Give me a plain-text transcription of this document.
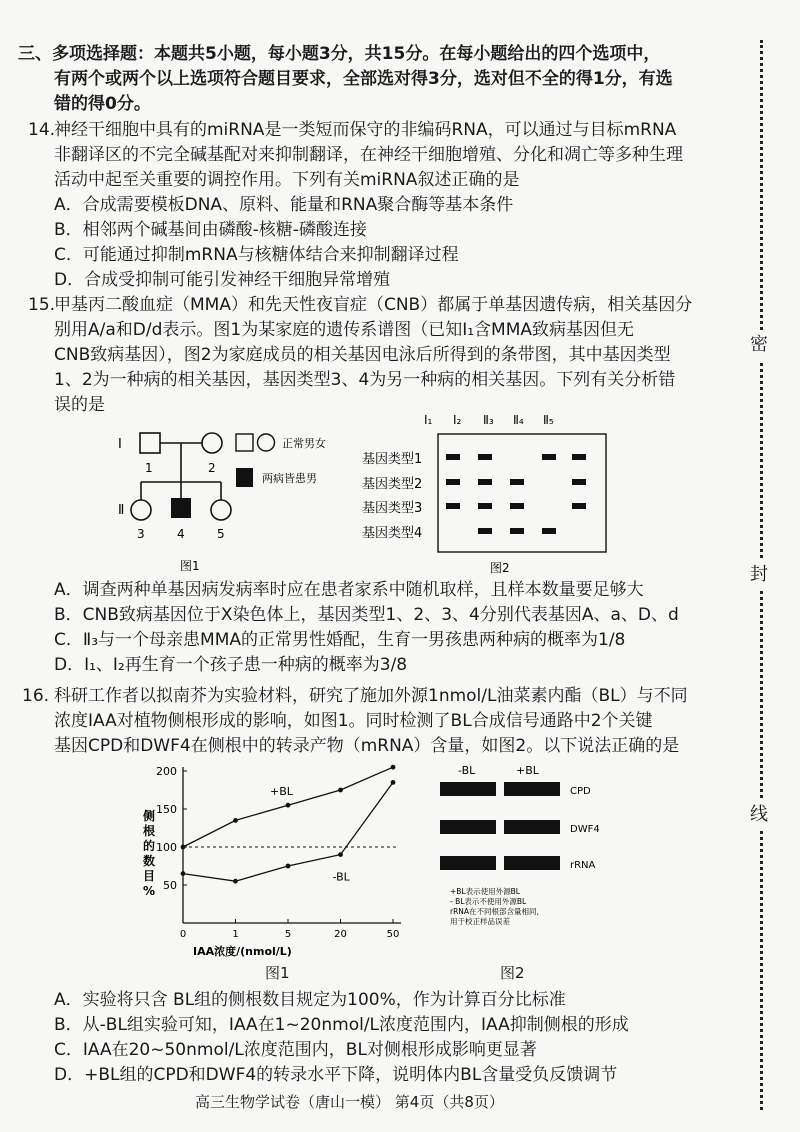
密
封
线
三、多项选择题：本题共5小题，每小题3分，共15分。在每小题给出的四个选项中，
有两个或两个以上选项符合题目要求，全部选对得3分，选对但不全的得1分，有选
错的得0分。
14.
神经干细胞中具有的miRNA是一类短而保守的非编码RNA，可以通过与目标mRNA
非翻译区的不完全碱基配对来抑制翻译，在神经干细胞增殖、分化和凋亡等多种生理
活动中起至关重要的调控作用。下列有关miRNA叙述正确的是
A．合成需要模板DNA、原料、能量和RNA聚合酶等基本条件
B．相邻两个碱基间由磷酸-核糖-磷酸连接
C．可能通过抑制mRNA与核糖体结合来抑制翻译过程
D．合成受抑制可能引发神经干细胞异常增殖
15.
甲基丙二酸血症（MMA）和先天性夜盲症（CNB）都属于单基因遗传病，相关基因分
别用A/a和D/d表示。图1为某家庭的遗传系谱图（已知Ⅰ₁含MMA致病基因但无
CNB致病基因），图2为家庭成员的相关基因电泳后所得到的条带图，其中基因类型
1、2为一种病的相关基因，基因类型3、4为另一种病的相关基因。下列有关分析错
误的是
Ⅰ
Ⅱ
1	2
3	4	5
正常男女
两病皆患男
图1
Ⅰ₁ Ⅰ₂ Ⅱ₃ Ⅱ₄ Ⅱ₅
基因类型1
基因类型2
基因类型3
基因类型4
图2
A．调查两种单基因病发病率时应在患者家系中随机取样，且样本数量要足够大
B．CNB致病基因位于X染色体上，基因类型1、2、3、4分别代表基因A、a、D、d
C．Ⅱ₃与一个母亲患MMA的正常男性婚配，生育一男孩患两种病的概率为1/8
D．Ⅰ₁、Ⅰ₂再生育一个孩子患一种病的概率为3/8
16. 科研工作者以拟南芥为实验材料，研究了施加外源1nmol/L油菜素内酯（BL）与不同
浓度IAA对植物侧根形成的影响，如图1。同时检测了BL合成信号通路中2个关键
基因CPD和DWF4在侧根中的转录产物（mRNA）含量，如图2。以下说法正确的是
50
100
150
200
0	1	5	20	50
IAA浓度/(nmol/L)
侧
根
的
数
目
%
+BL
-BL
图1
-BL	+BL
CPD
DWF4
rRNA
+BL表示使用外源BL
- BL表示不使用外源BL
rRNA在不同根部含量相同，
用于校正样品误差
图2
A．实验将只含 BL组的侧根数目规定为100%，作为计算百分比标准
B．从-BL组实验可知，IAA在1~20nmol/L浓度范围内，IAA抑制侧根的形成
C．IAA在20~50nmol/L浓度范围内，BL对侧根形成影响更显著
D．+BL组的CPD和DWF4的转录水平下降，说明体内BL含量受负反馈调节
高三生物学试卷（唐山一模） 第4页（共8页）
